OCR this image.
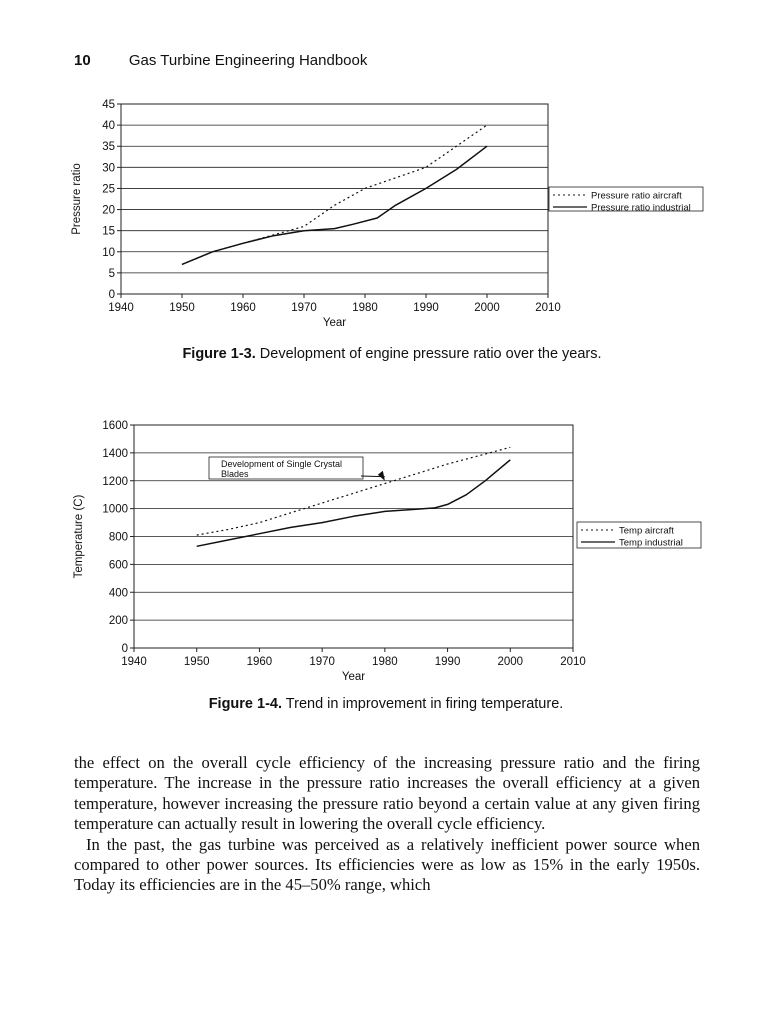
10	Gas Turbine Engineering Handbook
0
5
10
15
20
25
30
35
40
45
1940	1950	1960	1970	1980	1990	2000	2010
Year
Pressure ratio	Pressure ratio aircraft
Pressure ratio industrial
Figure 1-3. Development of engine pressure ratio over the years.
0
200
400
600
800
1000
1200
1400
1600
1940	1950	1960	1970	1980	1990	2000	2010
Year
Temperature (C)	Temp aircraft
Temp industrial
Development of Single Crystal
Blades
Figure 1-4. Trend in improvement in firing temperature.

the effect on the overall cycle efficiency of the increasing pressure ratio and the firing temperature. The increase in the pressure ratio increases the overall efficiency at a given temperature, however increasing the pressure ratio beyond a certain value at any given firing temperature can actually result in lowering the overall cycle efficiency.

In the past, the gas turbine was perceived as a relatively inefficient power source when compared to other power sources. Its efficiencies were as low as 15% in the early 1950s. Today its efficiencies are in the 45–50% range, which
